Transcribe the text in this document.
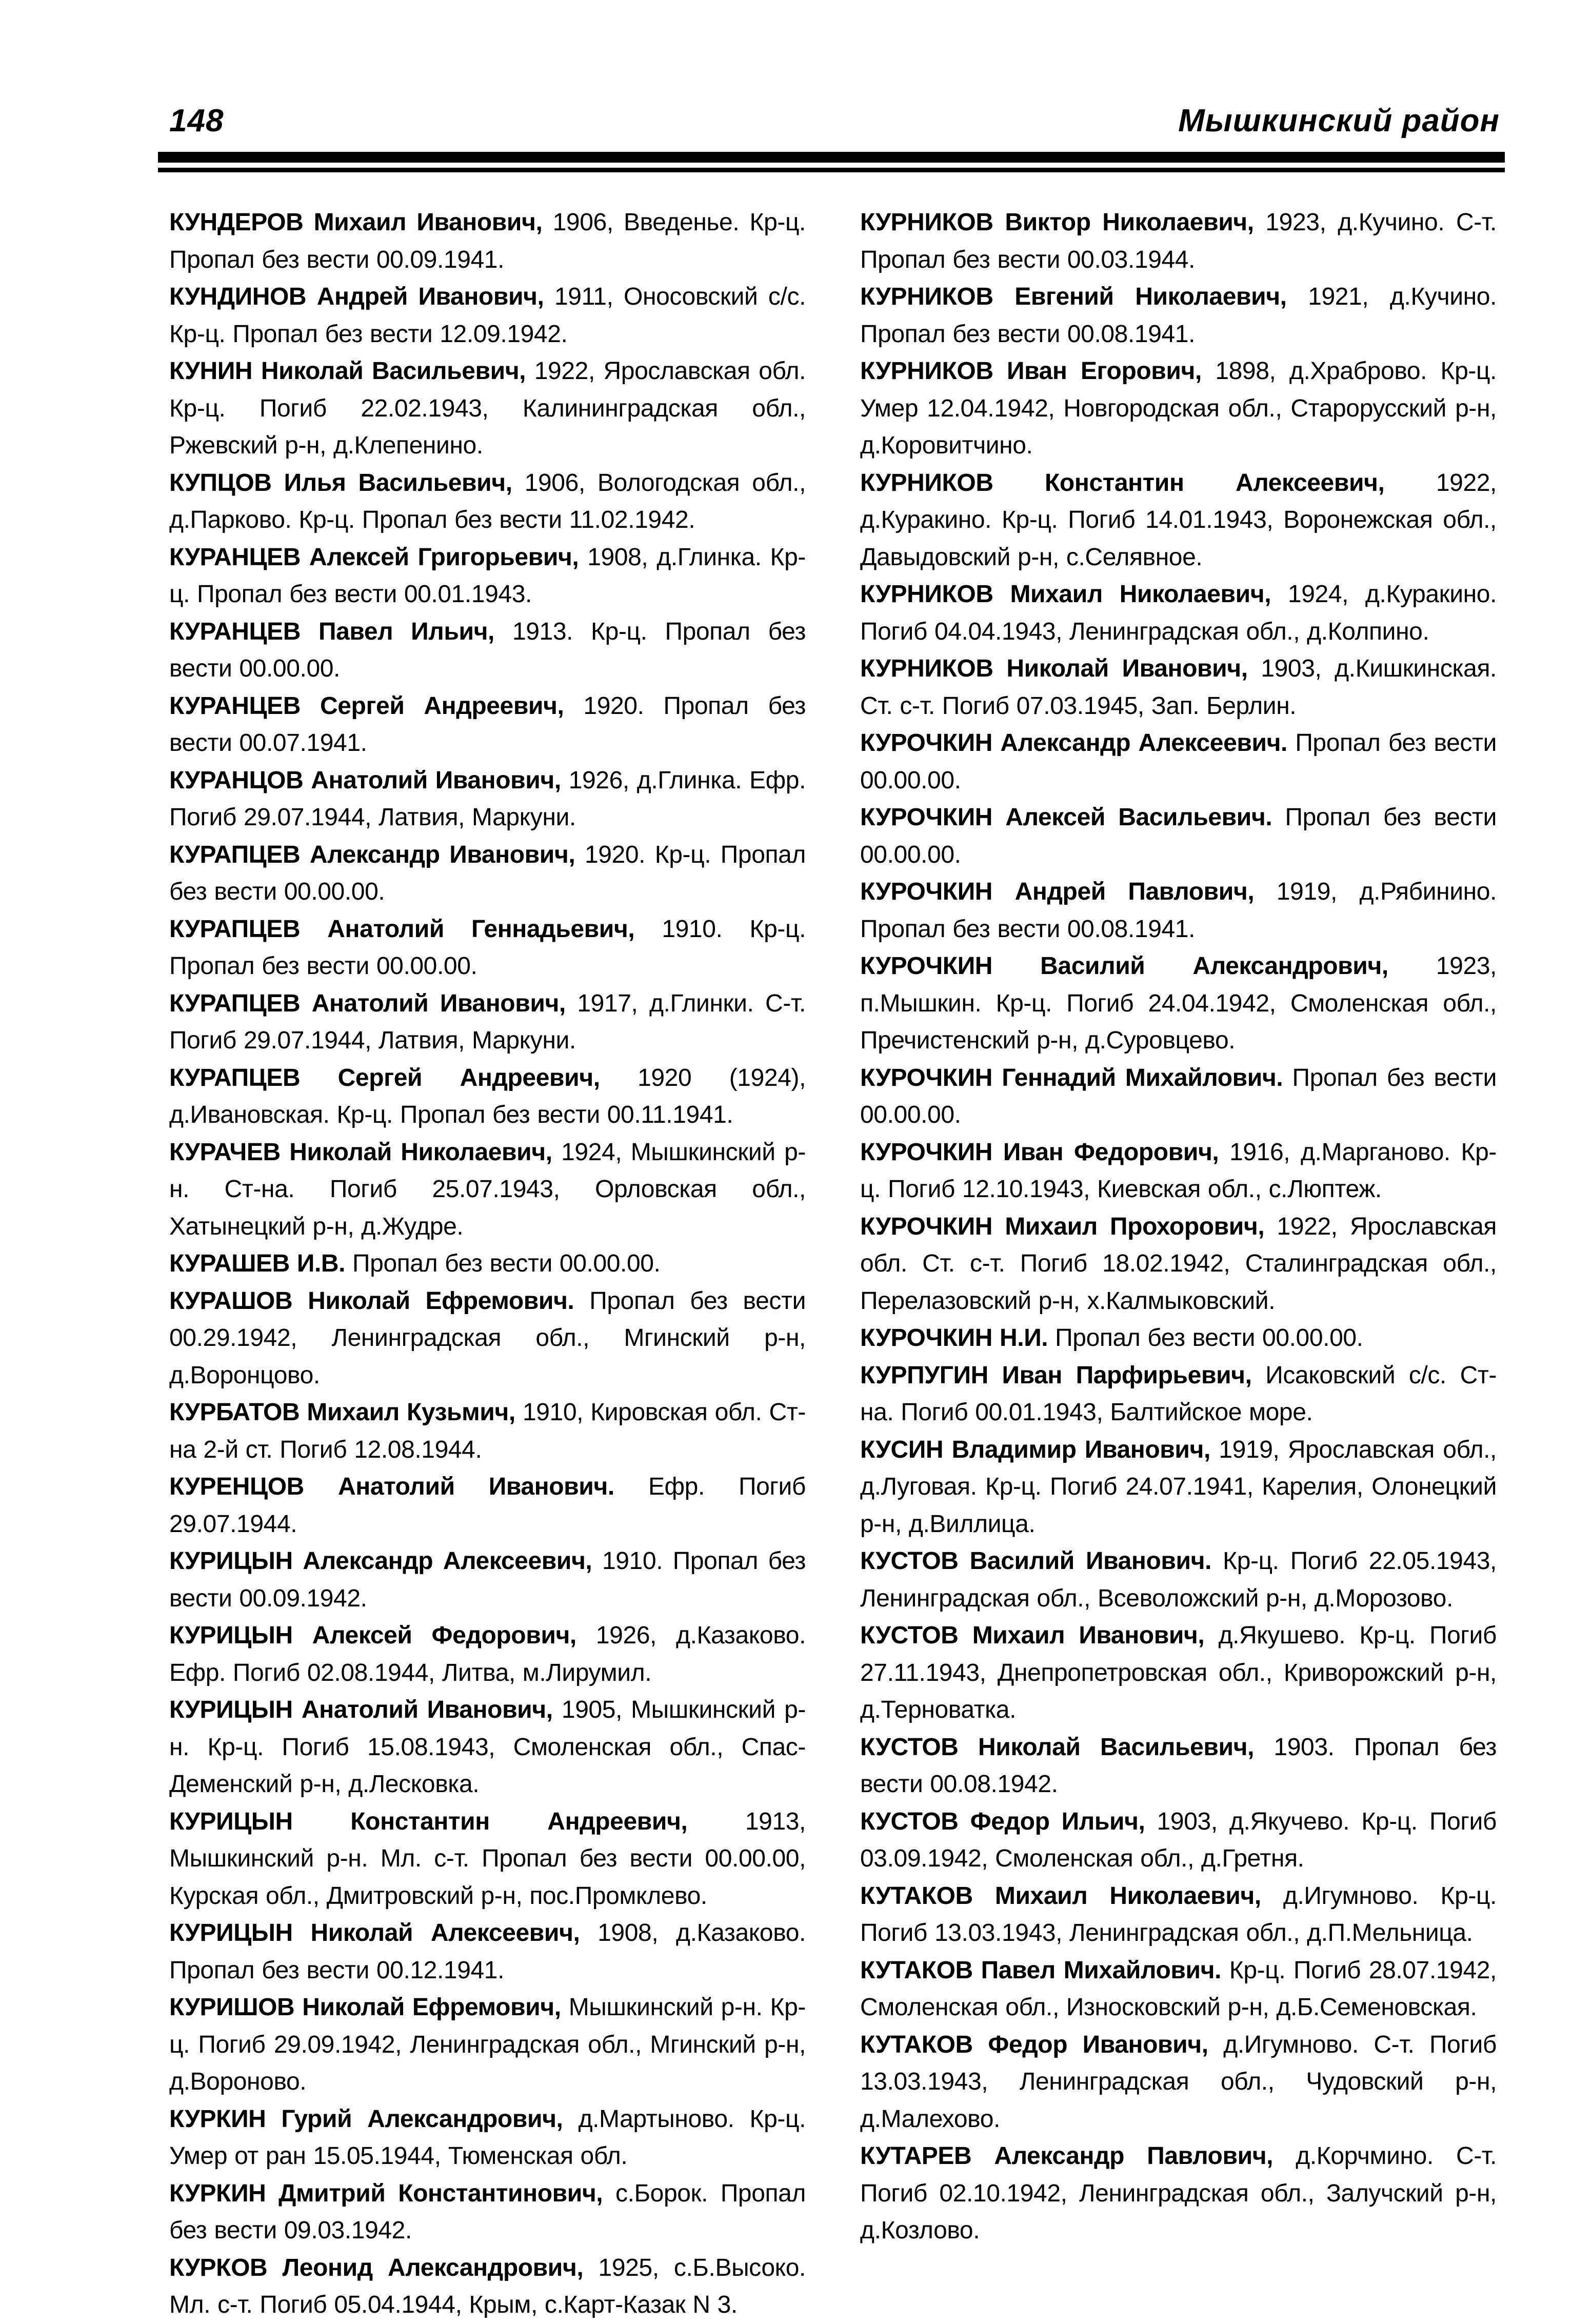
148	Мышкинский район

КУНДЕРОВ Михаил Иванович, 1906, Введенье. Кр-ц. Пропал без вести 00.09.1941.

КУНДИНОВ Андрей Иванович, 1911, Оносовский с/с. Кр-ц. Пропал без вести 12.09.1942.

КУНИН Николай Васильевич, 1922, Ярославская обл. Кр-ц. Погиб 22.02.1943, Калининградская обл., Ржевский р-н, д.Клепенино.

КУПЦОВ Илья Васильевич, 1906, Вологодская обл., д.Парково. Кр-ц. Пропал без вести 11.02.1942.

КУРАНЦЕВ Алексей Григорьевич, 1908, д.Глинка. Кр-ц. Пропал без вести 00.01.1943.

КУРАНЦЕВ Павел Ильич, 1913. Кр-ц. Пропал без вести 00.00.00.

КУРАНЦЕВ Сергей Андреевич, 1920. Пропал без вести 00.07.1941.

КУРАНЦОВ Анатолий Иванович, 1926, д.Глинка. Ефр. Погиб 29.07.1944, Латвия, Маркуни.

КУРАПЦЕВ Александр Иванович, 1920. Кр-ц. Пропал без вести 00.00.00.

КУРАПЦЕВ Анатолий Геннадьевич, 1910. Кр-ц. Пропал без вести 00.00.00.

КУРАПЦЕВ Анатолий Иванович, 1917, д.Глинки. С-т. Погиб 29.07.1944, Латвия, Маркуни.

КУРАПЦЕВ Сергей Андреевич, 1920 (1924), д.Ивановская. Кр-ц. Пропал без вести 00.11.1941.

КУРАЧЕВ Николай Николаевич, 1924, Мышкинский р-н. Ст-на. Погиб 25.07.1943, Орловская обл., Хатынецкий р-н, д.Жудре.

КУРАШЕВ И.В. Пропал без вести 00.00.00.

КУРАШОВ Николай Ефремович. Пропал без вести 00.29.1942, Ленинградская обл., Мгинский р-н, д.Воронцово.

КУРБАТОВ Михаил Кузьмич, 1910, Кировская обл. Ст-на 2-й ст. Погиб 12.08.1944.

КУРЕНЦОВ Анатолий Иванович. Ефр. Погиб 29.07.1944.

КУРИЦЫН Александр Алексеевич, 1910. Пропал без вести 00.09.1942.

КУРИЦЫН Алексей Федорович, 1926, д.Казаково. Ефр. Погиб 02.08.1944, Литва, м.Лирумил.

КУРИЦЫН Анатолий Иванович, 1905, Мышкинский р-н. Кр-ц. Погиб 15.08.1943, Смоленская обл., Спас-Деменский р-н, д.Лесковка.

КУРИЦЫН Константин Андреевич, 1913, Мышкинский р-н. Мл. с-т. Пропал без вести 00.00.00, Курская обл., Дмитровский р-н, пос.Промклево.

КУРИЦЫН Николай Алексеевич, 1908, д.Казаково. Пропал без вести 00.12.1941.

КУРИШОВ Николай Ефремович, Мышкинский р-н. Кр-ц. Погиб 29.09.1942, Ленинградская обл., Мгинский р-н, д.Вороново.

КУРКИН Гурий Александрович, д.Мартыново. Кр-ц. Умер от ран 15.05.1944, Тюменская обл.

КУРКИН Дмитрий Константинович, с.Борок. Пропал без вести 09.03.1942.

КУРКОВ Леонид Александрович, 1925, с.Б.Высоко. Мл. с-т. Погиб 05.04.1944, Крым, с.Карт-Казак N 3.

КУРНИКОВ Виктор Николаевич, 1923, д.Кучино. С-т. Пропал без вести 00.03.1944.

КУРНИКОВ Евгений Николаевич, 1921, д.Кучино. Пропал без вести 00.08.1941.

КУРНИКОВ Иван Егорович, 1898, д.Храброво. Кр-ц. Умер 12.04.1942, Новгородская обл., Старорусский р-н, д.Коровитчино.

КУРНИКОВ Константин Алексеевич, 1922, д.Куракино. Кр-ц. Погиб 14.01.1943, Воронежская обл., Давыдовский р-н, с.Селявное.

КУРНИКОВ Михаил Николаевич, 1924, д.Куракино. Погиб 04.04.1943, Ленинградская обл., д.Колпино.

КУРНИКОВ Николай Иванович, 1903, д.Кишкинская. Ст. с-т. Погиб 07.03.1945, Зап. Берлин.

КУРОЧКИН Александр Алексеевич. Пропал без вести 00.00.00.

КУРОЧКИН Алексей Васильевич. Пропал без вести 00.00.00.

КУРОЧКИН Андрей Павлович, 1919, д.Рябинино. Пропал без вести 00.08.1941.

КУРОЧКИН Василий Александрович, 1923, п.Мышкин. Кр-ц. Погиб 24.04.1942, Смоленская обл., Пречистенский р-н, д.Суровцево.

КУРОЧКИН Геннадий Михайлович. Пропал без вести 00.00.00.

КУРОЧКИН Иван Федорович, 1916, д.Марганово. Кр-ц. Погиб 12.10.1943, Киевская обл., с.Люптеж.

КУРОЧКИН Михаил Прохорович, 1922, Ярославская обл. Ст. с-т. Погиб 18.02.1942, Сталинградская обл., Перелазовский р-н, х.Калмыковский.

КУРОЧКИН Н.И. Пропал без вести 00.00.00.

КУРПУГИН Иван Парфирьевич, Исаковский с/с. Ст-на. Погиб 00.01.1943, Балтийское море.

КУСИН Владимир Иванович, 1919, Ярославская обл., д.Луговая. Кр-ц. Погиб 24.07.1941, Карелия, Олонецкий р-н, д.Виллица.

КУСТОВ Василий Иванович. Кр-ц. Погиб 22.05.1943, Ленинградская обл., Всеволожский р-н, д.Морозово.

КУСТОВ Михаил Иванович, д.Якушево. Кр-ц. Погиб 27.11.1943, Днепропетровская обл., Криворожский р-н, д.Терноватка.

КУСТОВ Николай Васильевич, 1903. Пропал без вести 00.08.1942.

КУСТОВ Федор Ильич, 1903, д.Якучево. Кр-ц. Погиб 03.09.1942, Смоленская обл., д.Гретня.

КУТАКОВ Михаил Николаевич, д.Игумново. Кр-ц. Погиб 13.03.1943, Ленинградская обл., д.П.Мельница.

КУТАКОВ Павел Михайлович. Кр-ц. Погиб 28.07.1942, Смоленская обл., Износковский р-н, д.Б.Семеновская.

КУТАКОВ Федор Иванович, д.Игумново. С-т. Погиб 13.03.1943, Ленинградская обл., Чудовский р-н, д.Малехово.

КУТАРЕВ Александр Павлович, д.Корчмино. С-т. Погиб 02.10.1942, Ленинградская обл., Залучский р-н, д.Козлово.
